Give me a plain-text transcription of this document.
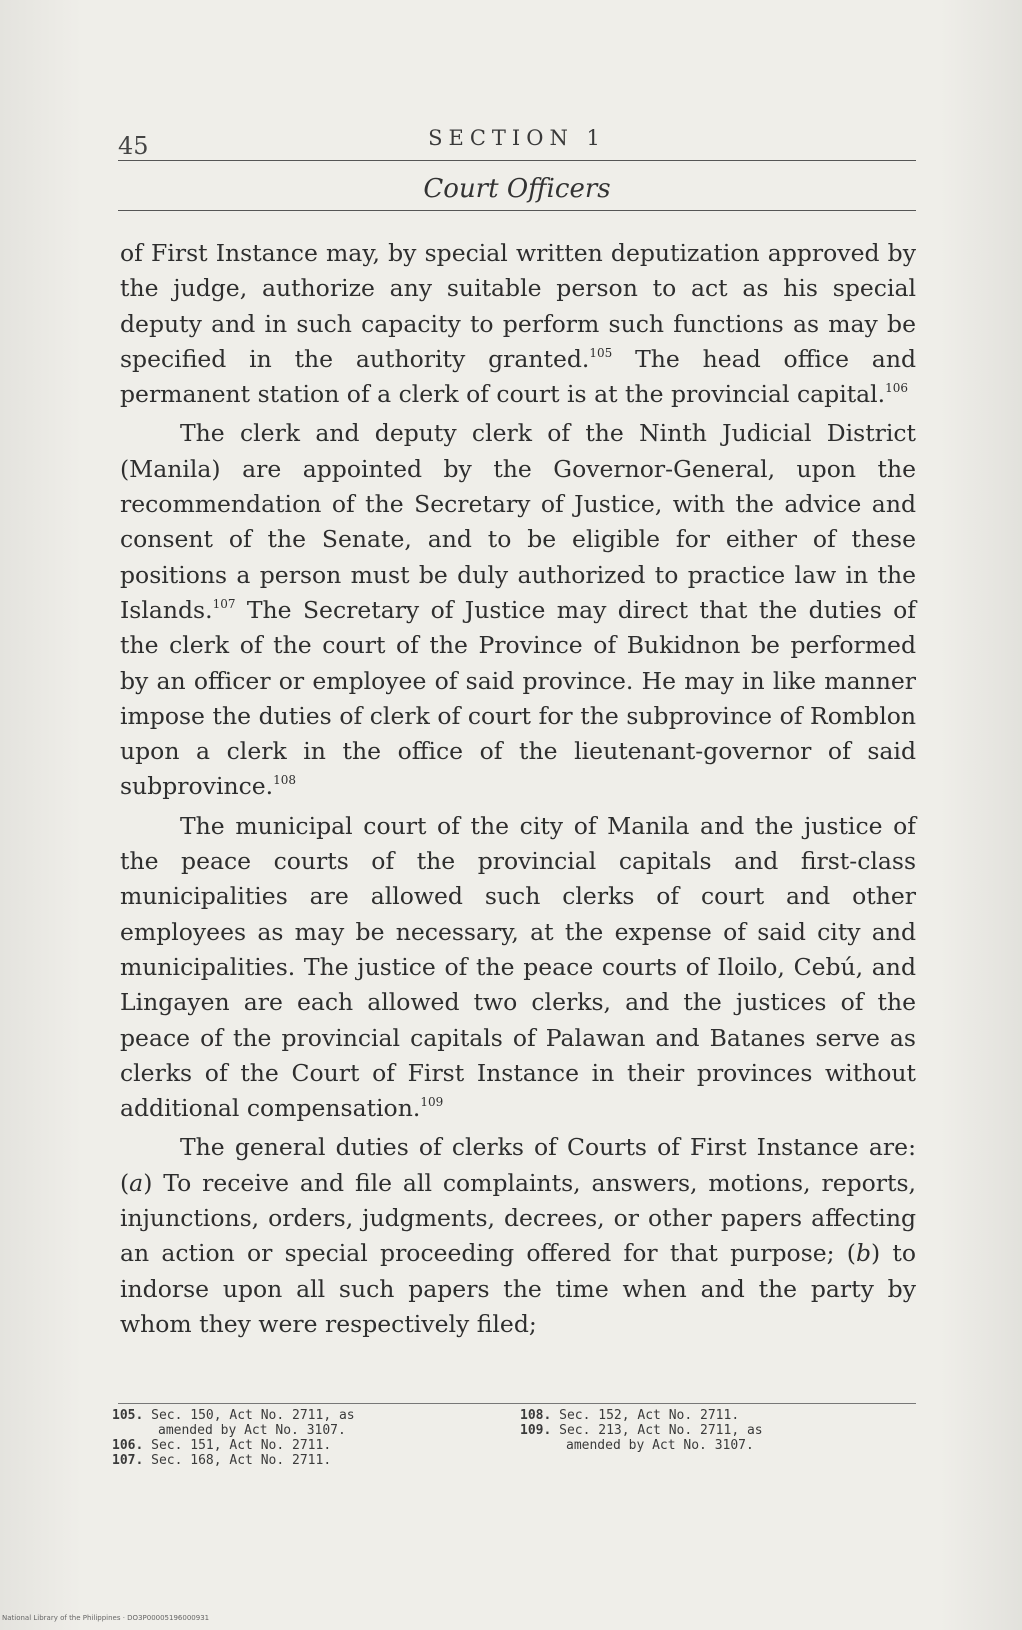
45	SECTION 1
Court Officers

of First Instance may, by special written deputization approved by the judge, authorize any suitable person to act as his special deputy and in such capacity to perform such functions as may be specified in the authority granted.$^{105}$ The head office and permanent station of a clerk of court is at the provincial capital.$^{106}$

The clerk and deputy clerk of the Ninth Judicial District (Manila) are appointed by the Governor-General, upon the recommendation of the Secretary of Justice, with the advice and consent of the Senate, and to be eligible for either of these positions a person must be duly authorized to practice law in the Islands.$^{107}$ The Secretary of Justice may direct that the duties of the clerk of the court of the Province of Bukidnon be performed by an officer or employee of said province. He may in like manner impose the duties of clerk of court for the subprovince of Romblon upon a clerk in the office of the lieutenant-governor of said subprovince.$^{108}$

The municipal court of the city of Manila and the justice of the peace courts of the provincial capitals and first-class municipalities are allowed such clerks of court and other employees as may be necessary, at the expense of said city and municipalities. The justice of the peace courts of Iloilo, Cebú, and Lingayen are each allowed two clerks, and the justices of the peace of the provincial capitals of Palawan and Batanes serve as clerks of the Court of First Instance in their provinces without additional compensation.$^{109}$

The general duties of clerks of Courts of First Instance are: (a) To receive and file all complaints, answers, motions, reports, injunctions, orders, judgments, decrees, or other papers affecting an action or special proceeding offered for that purpose; (b) to indorse upon all such papers the time when and the party by whom they were respectively filed;

105. Sec. 150, Act No. 2711, as
amended by Act No. 3107.
106. Sec. 151, Act No. 2711.
107. Sec. 168, Act No. 2711.
108. Sec. 152, Act No. 2711.
109. Sec. 213, Act No. 2711, as
amended by Act No. 3107.
National Library of the Philippines · DO3P00005196000931
